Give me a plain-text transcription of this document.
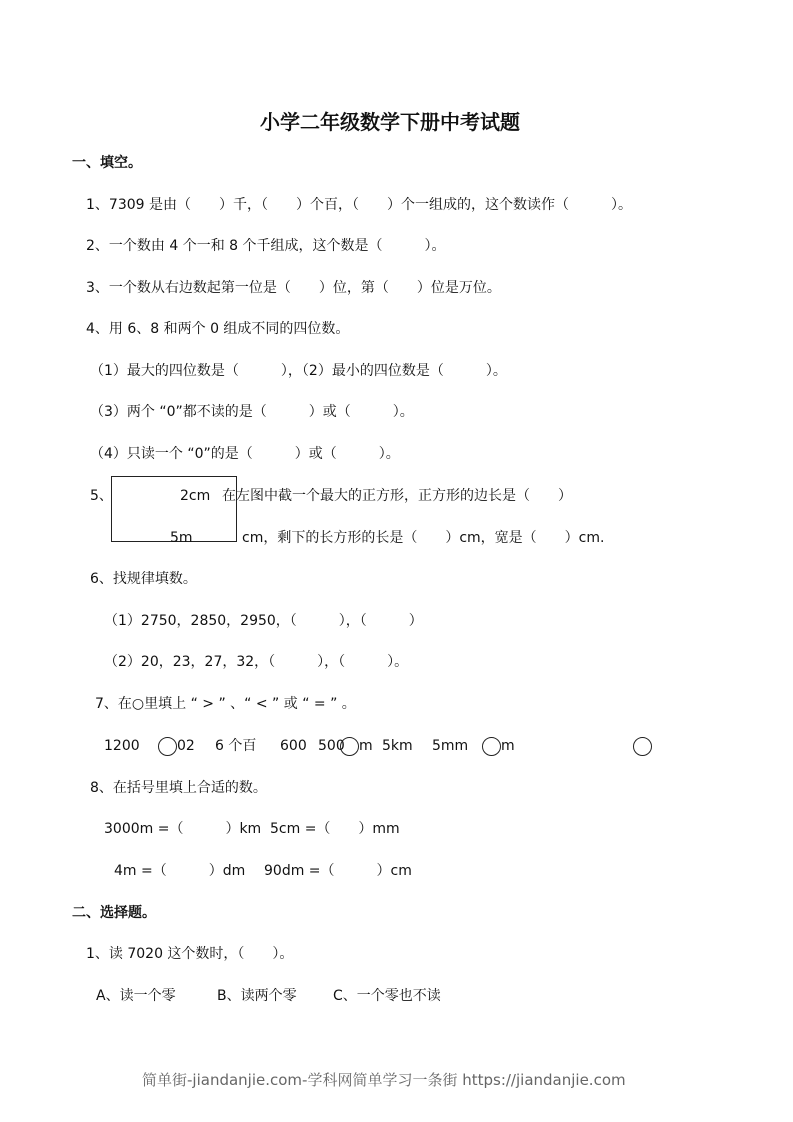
小学二年级数学下册中考试题
一、填空。
1、7309 是由（　　）千，（　　）个百，（　　）个一组成的，这个数读作（　　　）。
2、一个数由 4 个一和 8 个千组成，这个数是（　　　）。
3、一个数从右边数起第一位是（　　）位，第（　　）位是万位。
4、用 6、8 和两个 0 组成不同的四位数。
（1）最大的四位数是（　　　），（2）最小的四位数是（　　　）。
（3）两个 “0”都不读的是（　　　）或（　　　）。
（4）只读一个 “0”的是（　　　）或（　　　）。
5、	2cm
5m
在左图中截一个最大的正方形，正方形的边长是（　　）
cm，剩下的长方形的长是（　　）cm，宽是（　　）cm.
6、找规律填数。
（1）2750，2850，2950，（　　　），（　　　）
（2）20，23，27，32，（　　　），（　　　）。
7、在○里填上 “ > ” 、“ < ” 或 “ = ” 。
1200	02 6 个百 600 500 m 5km 5mm m
8、在括号里填上合适的数。
3000m =（　　　）km 5cm =（　　）mm
4m =（　　　）dm 90dm =（　　　）cm
二、选择题。
1、读 7020 这个数时，（　　）。
A、读一个零	B、读两个零	C、一个零也不读
简单街-jiandanjie.com-学科网简单学习一条街 https://jiandanjie.com
